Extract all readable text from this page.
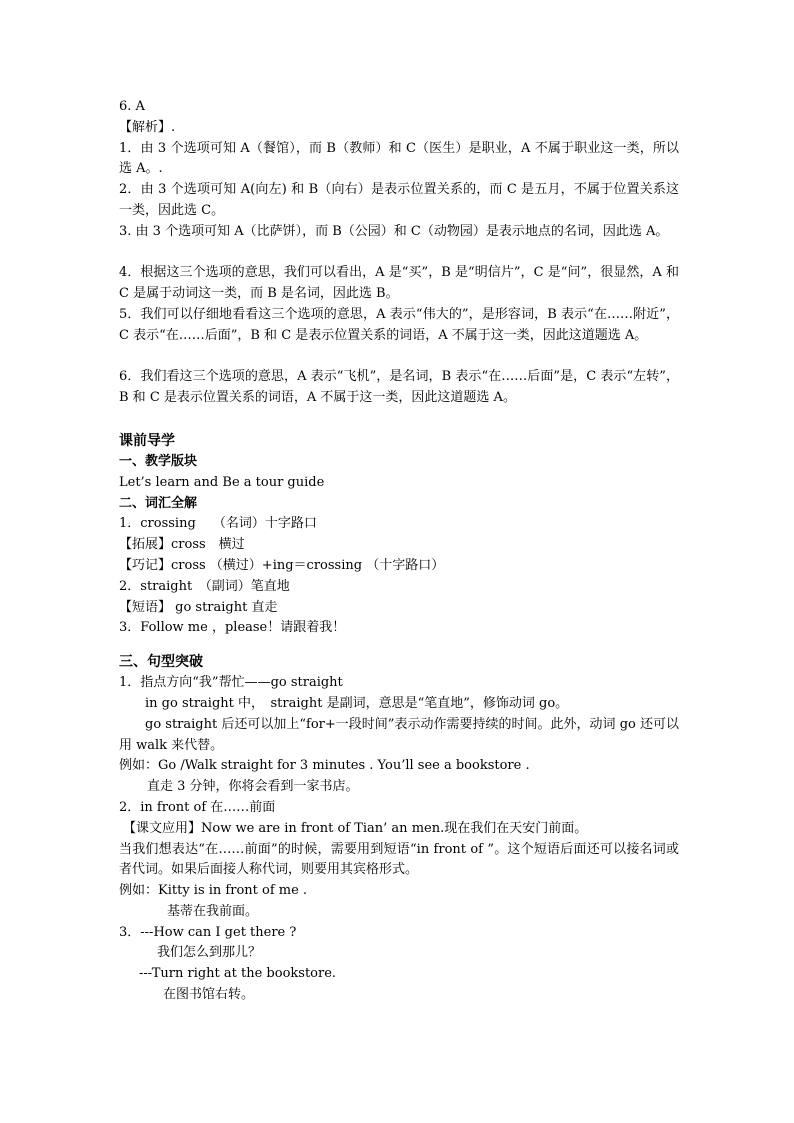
6. A
【解析】.
1．由 3 个选项可知 A（餐馆），而 B（教师）和 C（医生）是职业，A 不属于职业这一类，所以选 A。.
2．由 3 个选项可知 A(向左) 和 B（向右）是表示位置关系的，而 C 是五月，不属于位置关系这一类，因此选 C。
3. 由 3 个选项可知 A（比萨饼），而 B（公园）和 C（动物园）是表示地点的名词，因此选 A。
4．根据这三个选项的意思，我们可以看出，A 是“买”，B 是“明信片”，C 是“问”，很显然，A 和 C 是属于动词这一类，而 B 是名词，因此选 B。
5．我们可以仔细地看看这三个选项的意思，A 表示“伟大的”，是形容词，B 表示“在……附近”，C 表示“在……后面”，B 和 C 是表示位置关系的词语，A 不属于这一类，因此这道题选 A。
6．我们看这三个选项的意思，A 表示“飞机”，是名词，B 表示“在……后面”是，C 表示“左转”，B 和 C 是表示位置关系的词语，A 不属于这一类，因此这道题选 A。
课前导学
一、教学版块
Let’s learn and Be a tour guide
二、词汇全解
1．crossing　 （名词）十字路口
【拓展】cross　横过
【巧记】cross （横过）+ing＝crossing （十字路口）
2．straight　（副词）笔直地
【短语】 go straight 直走
3．Follow me ，please！请跟着我！
三、句型突破
1．指点方向“我”帮忙——go straight
in go straight 中，　straight 是副词，意思是“笔直地”，修饰动词 go。
go straight 后还可以加上“for+一段时间”表示动作需要持续的时间。此外，动词 go 还可以用 walk 来代替。
例如：Go /Walk straight for 3 minutes . You’ll see a bookstore .
直走 3 分钟，你将会看到一家书店。
2．in front of 在……前面
【课文应用】Now we are in front of Tian’ an men.现在我们在天安门前面。
当我们想表达“在……前面”的时候，需要用到短语“in front of ”。这个短语后面还可以接名词或者代词。如果后面接人称代词，则要用其宾格形式。
例如：Kitty is in front of me .
基蒂在我前面。
3．---How can I get there ?
我们怎么到那儿？
---Turn right at the bookstore.
在图书馆右转。
